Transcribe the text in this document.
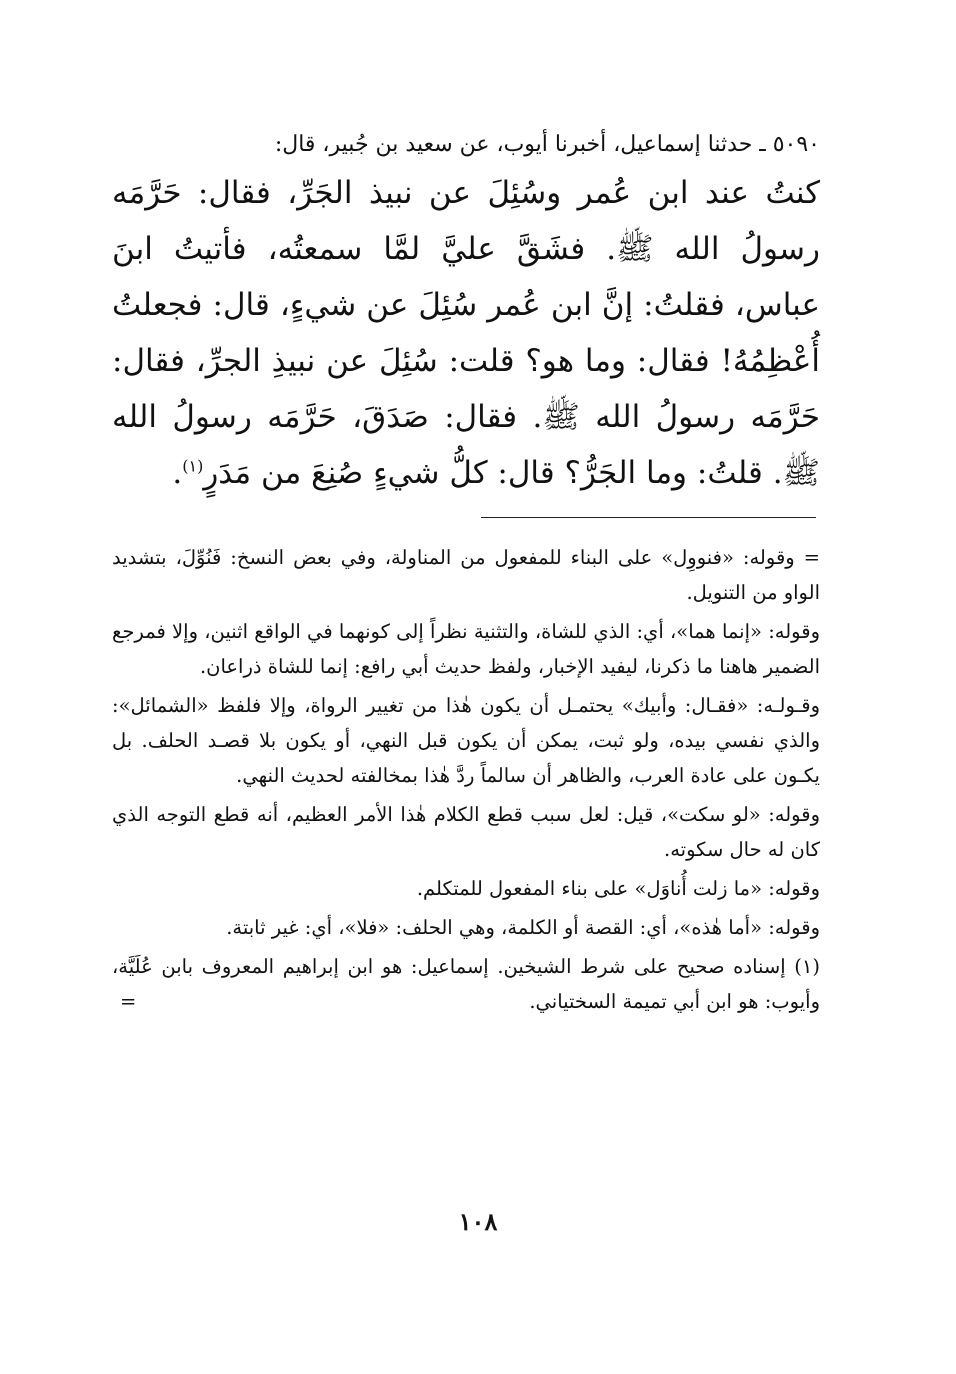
٥٠٩٠ ـ حدثنا إسماعيل، أخبرنا أيوب، عن سعيد بن جُبير، قال:

كنتُ عند ابن عُمر وسُئِلَ عن نبيذ الجَرِّ، فقال: حَرَّمَه رسولُ الله ﷺ. فشَقَّ عليَّ لمَّا سمعتُه، فأتيتُ ابنَ عباس، فقلتُ: إنَّ ابن عُمر سُئِلَ عن شيءٍ، قال: فجعلتُ أُعْظِمُهُ! فقال: وما هو؟ قلت: سُئِلَ عن نبيذِ الجرِّ، فقال: حَرَّمَه رسولُ الله ﷺ. فقال: صَدَقَ، حَرَّمَه رسولُ الله ﷺ. قلتُ: وما الجَرُّ؟ قال: كلُّ شيءٍ صُنِعَ من مَدَرٍ$^{(١)}$.

= وقوله: «فنووِل» على البناء للمفعول من المناولة، وفي بعض النسخ: فَنُوِّلَ، بتشديد الواو من التنويل.

وقوله: «إنما هما»، أي: الذي للشاة، والتثنية نظراً إلى كونهما في الواقع اثنين، وإلا فمرجع الضمير هاهنا ما ذكرنا، ليفيد الإخبار، ولفظ حديث أبي رافع: إنما للشاة ذراعان.

وقـولـه: «فقـال: وأبيك» يحتمـل أن يكون هٰذا من تغيير الرواة، وإلا فلفظ «الشمائل»: والذي نفسي بيده، ولو ثبت، يمكن أن يكون قبل النهي، أو يكون بلا قصـد الحلف. بل يكـون على عادة العرب، والظاهر أن سالماً ردَّ هٰذا بمخالفته لحديث النهي.

وقوله: «لو سكت»، قيل: لعل سبب قطع الكلام هٰذا الأمر العظيم، أنه قطع التوجه الذي كان له حال سكوته.

وقوله: «ما زلت أُناوَل» على بناء المفعول للمتكلم.

وقوله: «أما هٰذه»، أي: القصة أو الكلمة، وهي الحلف: «فلا»، أي: غير ثابتة.

(١) إسناده صحيح على شرط الشيخين. إسماعيل: هو ابن إبراهيم المعروف بابن عُلَيَّة، وأيوب: هو ابن أبي تميمة السختياني.
=

١٠٨
